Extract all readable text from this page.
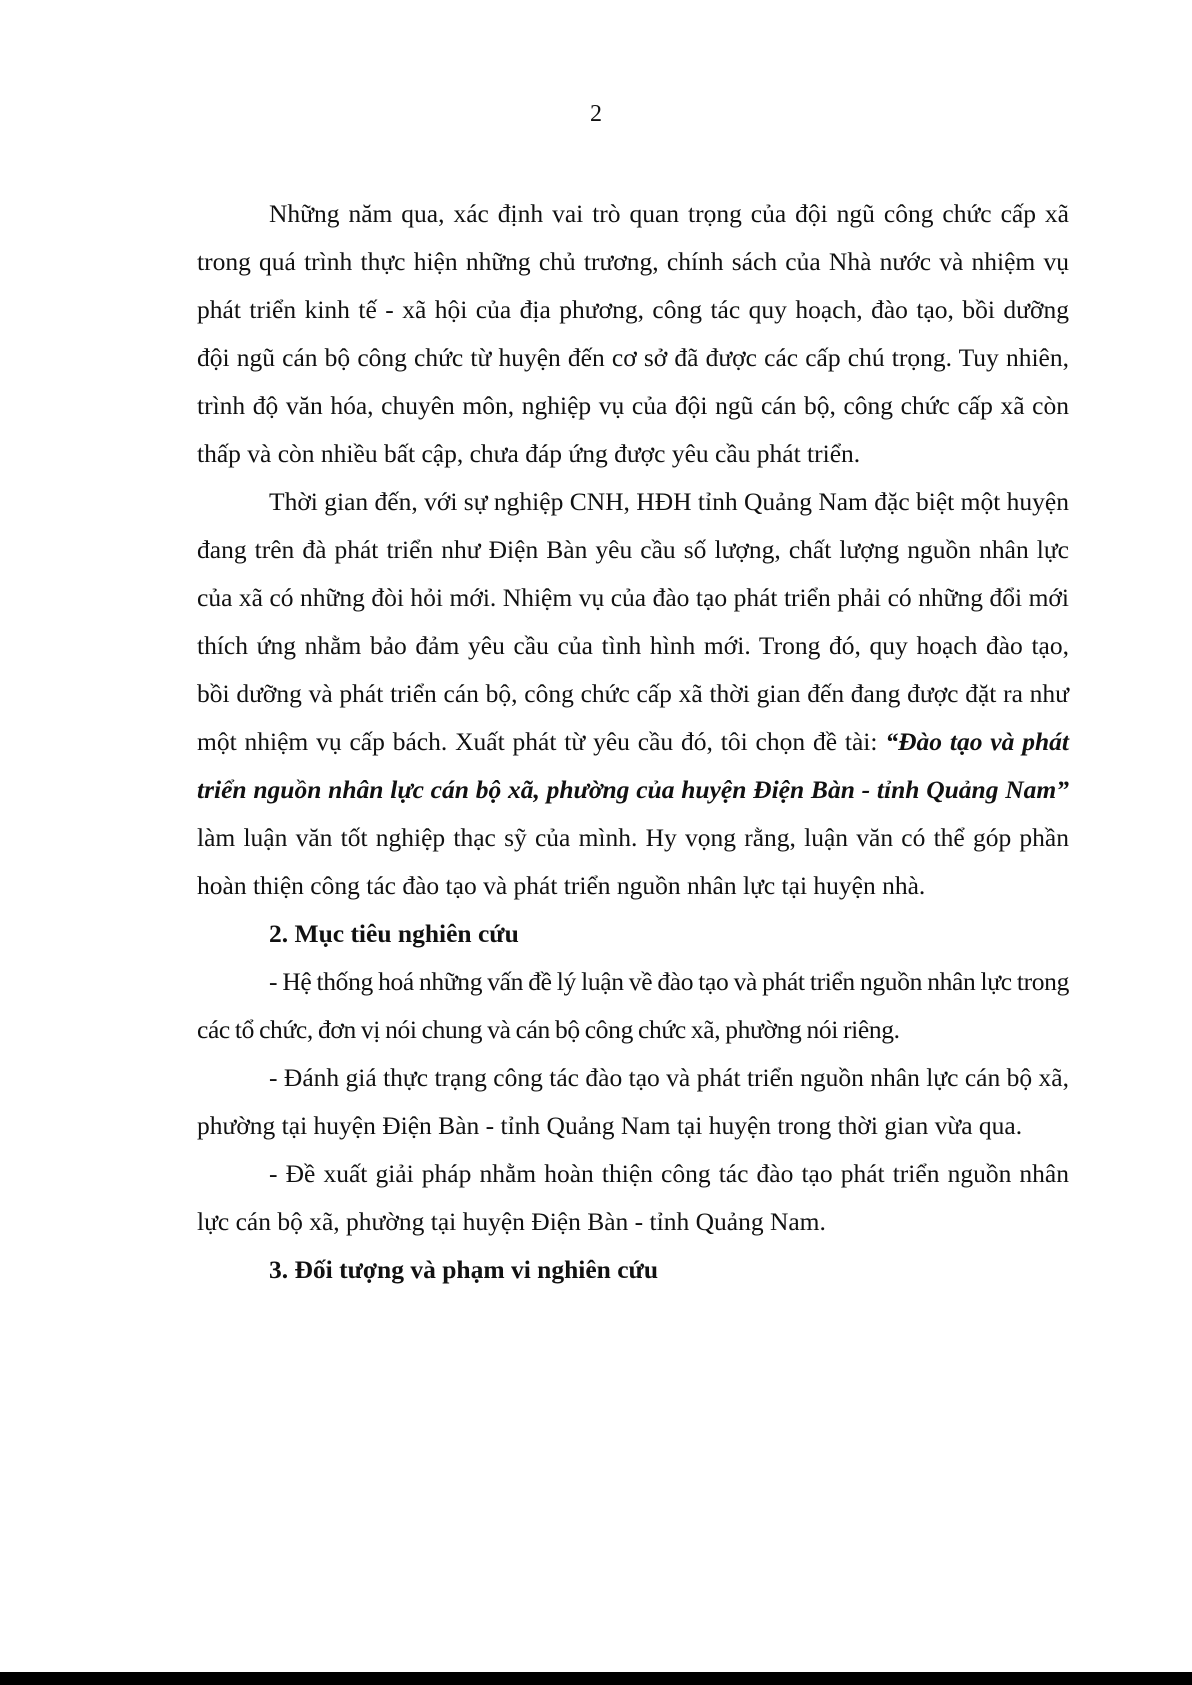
2

Những năm qua, xác định vai trò quan trọng của đội ngũ công chức cấp xã trong quá trình thực hiện những chủ trương, chính sách của Nhà nước và nhiệm vụ phát triển kinh tế - xã hội của địa phương, công tác quy hoạch, đào tạo, bồi dưỡng đội ngũ cán bộ công chức từ huyện đến cơ sở đã được các cấp chú trọng. Tuy nhiên, trình độ văn hóa, chuyên môn, nghiệp vụ của đội ngũ cán bộ, công chức cấp xã còn thấp và còn nhiều bất cập, chưa đáp ứng được yêu cầu phát triển.

Thời gian đến, với sự nghiệp CNH, HĐH tỉnh Quảng Nam đặc biệt một huyện đang trên đà phát triển như Điện Bàn yêu cầu số lượng, chất lượng nguồn nhân lực của xã có những đòi hỏi mới. Nhiệm vụ của đào tạo phát triển phải có những đổi mới thích ứng nhằm bảo đảm yêu cầu của tình hình mới. Trong đó, quy hoạch đào tạo, bồi dưỡng và phát triển cán bộ, công chức cấp xã thời gian đến đang được đặt ra như một nhiệm vụ cấp bách. Xuất phát từ yêu cầu đó, tôi chọn đề tài: “Đào tạo và phát triển nguồn nhân lực cán bộ xã, phường của huyện Điện Bàn - tỉnh Quảng Nam” làm luận văn tốt nghiệp thạc sỹ của mình. Hy vọng rằng, luận văn có thể góp phần hoàn thiện công tác đào tạo và phát triển nguồn nhân lực tại huyện nhà.

2. Mục tiêu nghiên cứu

- Hệ thống hoá những vấn đề lý luận về đào tạo và phát triển nguồn nhân lực trong các tổ chức, đơn vị nói chung và cán bộ công chức xã, phường nói riêng.

- Đánh giá thực trạng công tác đào tạo và phát triển nguồn nhân lực cán bộ xã, phường tại huyện Điện Bàn - tỉnh Quảng Nam tại huyện trong thời gian vừa qua.

- Đề xuất giải pháp nhằm hoàn thiện công tác đào tạo phát triển nguồn nhân lực cán bộ xã, phường tại huyện Điện Bàn - tỉnh Quảng Nam.

3. Đối tượng và phạm vi nghiên cứu
